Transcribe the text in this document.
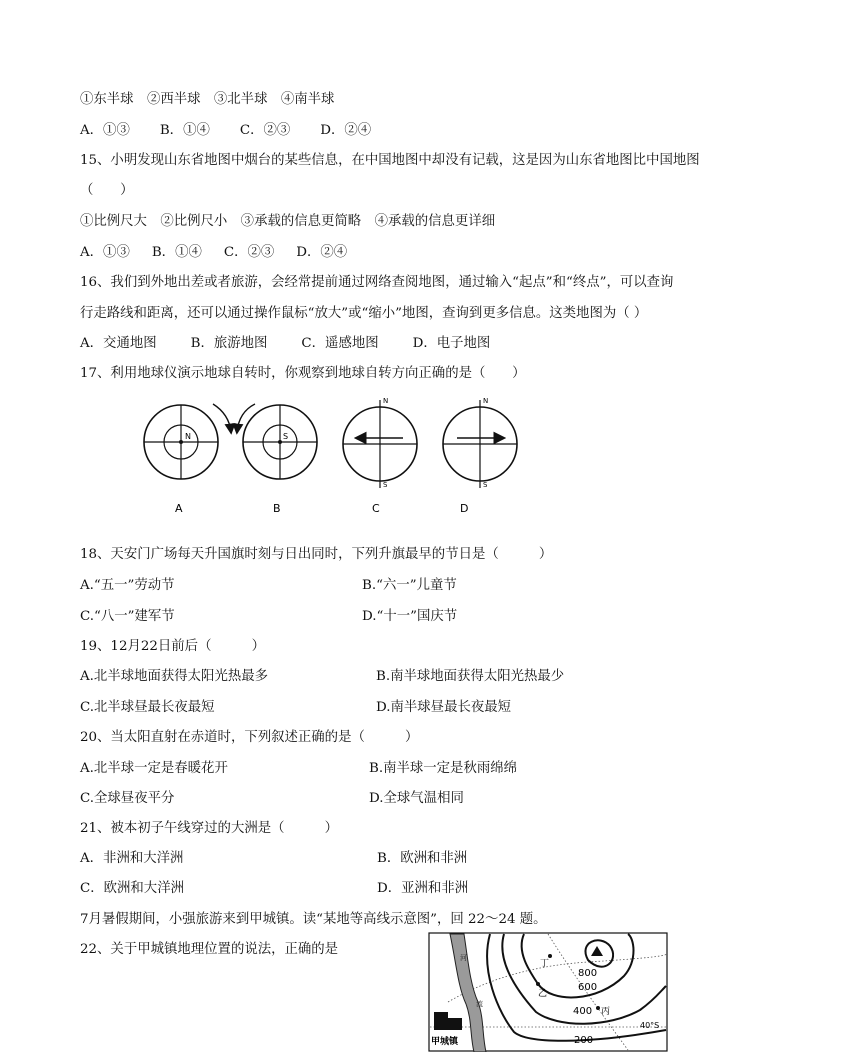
①东半球　②西半球　③北半球　④南半球
A．①③ B．①④ C．②③ D．②④
15、小明发现山东省地图中烟台的某些信息，在中国地图中却没有记载，这是因为山东省地图比中国地图
（　　）
①比例尺大　②比例尺小　③承载的信息更简略　④承载的信息更详细
A．①③ B．①④ C．②③ D．②④
16、我们到外地出差或者旅游，会经常提前通过网络查阅地图，通过输入“起点”和“终点”，可以查询
行走路线和距离，还可以通过操作鼠标“放大”或“缩小”地图，查询到更多信息。这类地图为（ ）
A．交通地图	B．旅游地图	C．遥感地图	D．电子地图
17、利用地球仪演示地球自转时，你观察到地球自转方向正确的是（　　）
N
A
S
B
N
S
C
N
S
D
18、天安门广场每天升国旗时刻与日出同时，下列升旗最早的节日是（　　　）
A.“五一”劳动节	B.“六一”儿童节
C.“八一”建军节	D.“十一”国庆节
19、12月22日前后（　　　）
A.北半球地面获得太阳光热最多	B.南半球地面获得太阳光热最少
C.北半球昼最长夜最短	D.南半球昼最长夜最短
20、当太阳直射在赤道时，下列叙述正确的是（　　　）
A.北半球一定是春暖花开	B.南半球一定是秋雨绵绵
C.全球昼夜平分	D.全球气温相同
21、被本初子午线穿过的大洲是（　　　）
A．非洲和大洋洲	B．欧洲和非洲
C．欧洲和大洋洲	D．亚洲和非洲
7月暑假期间，小强旅游来到甲城镇。读“某地等高线示意图”，回 22～24 题。
22、关于甲城镇地理位置的说法，正确的是
河
流
800
600
400
200
丁
乙
丙
甲城镇
40°S
